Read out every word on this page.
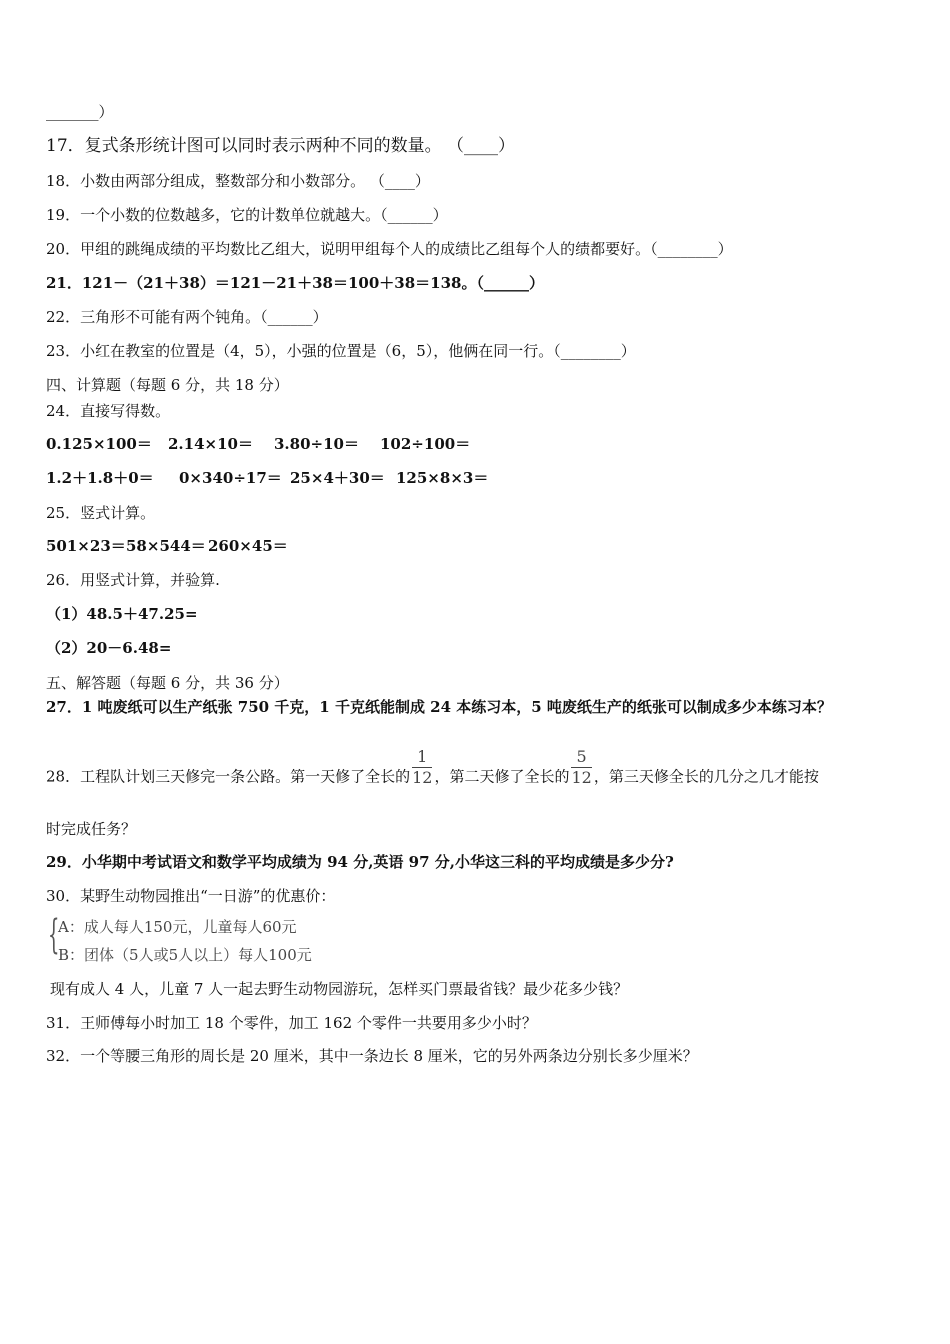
_______）
17．复式条形统计图可以同时表示两种不同的数量。 （____）
18．小数由两部分组成，整数部分和小数部分。 （____）
19．一个小数的位数越多，它的计数单位就越大。（______）
20．甲组的跳绳成绩的平均数比乙组大，说明甲组每个人的成绩比乙组每个人的绩都要好。（________）
21．121－（21＋38）＝121－21＋38＝100＋38＝138。（______）
22．三角形不可能有两个钝角。（______）
23．小红在教室的位置是（4，5），小强的位置是（6，5），他俩在同一行。（________）
四、计算题（每题 6 分，共 18 分）
24．直接写得数。
0.125×100＝ 2.14×10＝ 3.80÷10＝ 102÷100＝
1.2＋1.8＋0＝ 0×340÷17＝ 25×4＋30＝ 125×8×3＝
25．竖式计算。
501×23＝58×544＝ 260×45＝
26．用竖式计算，并验算.
（1）48.5＋47.25=
（2）20－6.48=
五、解答题（每题 6 分，共 36 分）
27．1 吨废纸可以生产纸张 750 千克，1 千克纸能制成 24 本练习本，5 吨废纸生产的纸张可以制成多少本练习本？
28．工程队计划三天修完一条公路。第一天修了全长的 $\frac{1}{12}$ ，第二天修了全长的 $\frac{5}{12}$ ，第三天修全长的几分之几才能按
时完成任务？
29．小华期中考试语文和数学平均成绩为 94 分,英语 97 分,小华这三科的平均成绩是多少分?
30．某野生动物园推出“一日游”的优惠价：
{
A：成人每人150元，儿童每人60元
B：团体（5人或5人以上）每人100元
现有成人 4 人，儿童 7 人一起去野生动物园游玩，怎样买门票最省钱？最少花多少钱？
31．王师傅每小时加工 18 个零件，加工 162 个零件一共要用多少小时？
32．一个等腰三角形的周长是 20 厘米，其中一条边长 8 厘米，它的另外两条边分别长多少厘米？
